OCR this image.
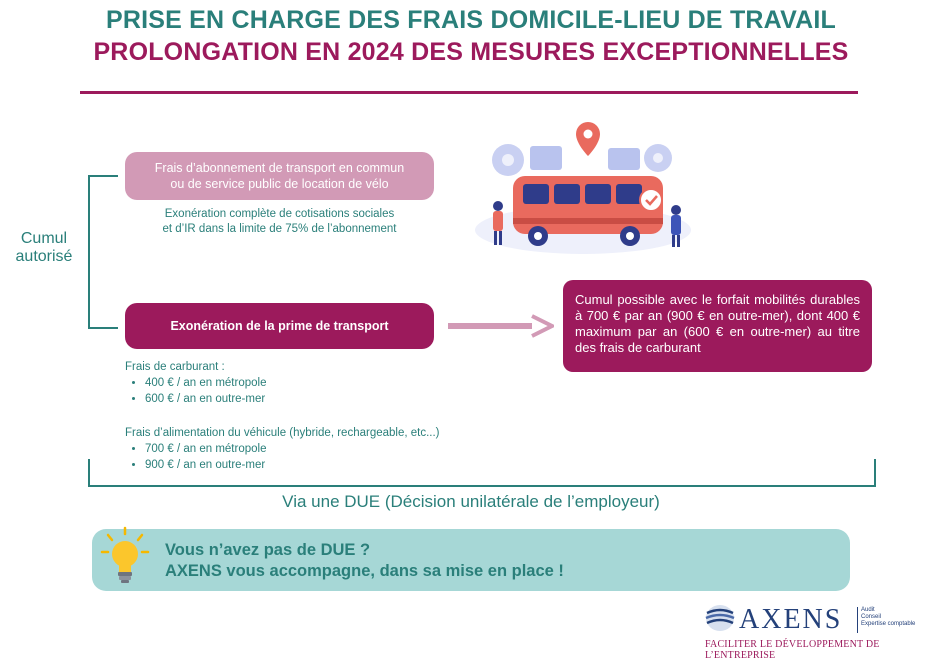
PRISE EN CHARGE DES FRAIS DOMICILE-LIEU DE TRAVAIL
PROLONGATION EN 2024 DES MESURES EXCEPTIONNELLES
Cumul
autorisé
Frais d’abonnement de transport en commun
ou de service public de location de vélo
Exonération complète de cotisations sociales
et d’IR dans la limite de 75% de l’abonnement
Exonération de la prime de transport
Cumul possible avec le forfait mobilités durables à 700 € par an (900 € en outre-mer), dont 400 € maximum par an (600 € en outre-mer) au titre des frais de carburant
Frais de carburant :
• 400 € / an en métropole
• 600 € / an en outre-mer
Frais d’alimentation du véhicule (hybride, rechargeable, etc...)
• 700 € / an en métropole
• 900 € / an en outre-mer
Via une DUE (Décision unilatérale de l’employeur)
Vous n’avez pas de DUE ?
AXENS vous accompagne, dans sa mise en place !
AXENS	Audit
Conseil
Expertise comptable
FACILITER LE DÉVELOPPEMENT DE L’ENTREPRISE
